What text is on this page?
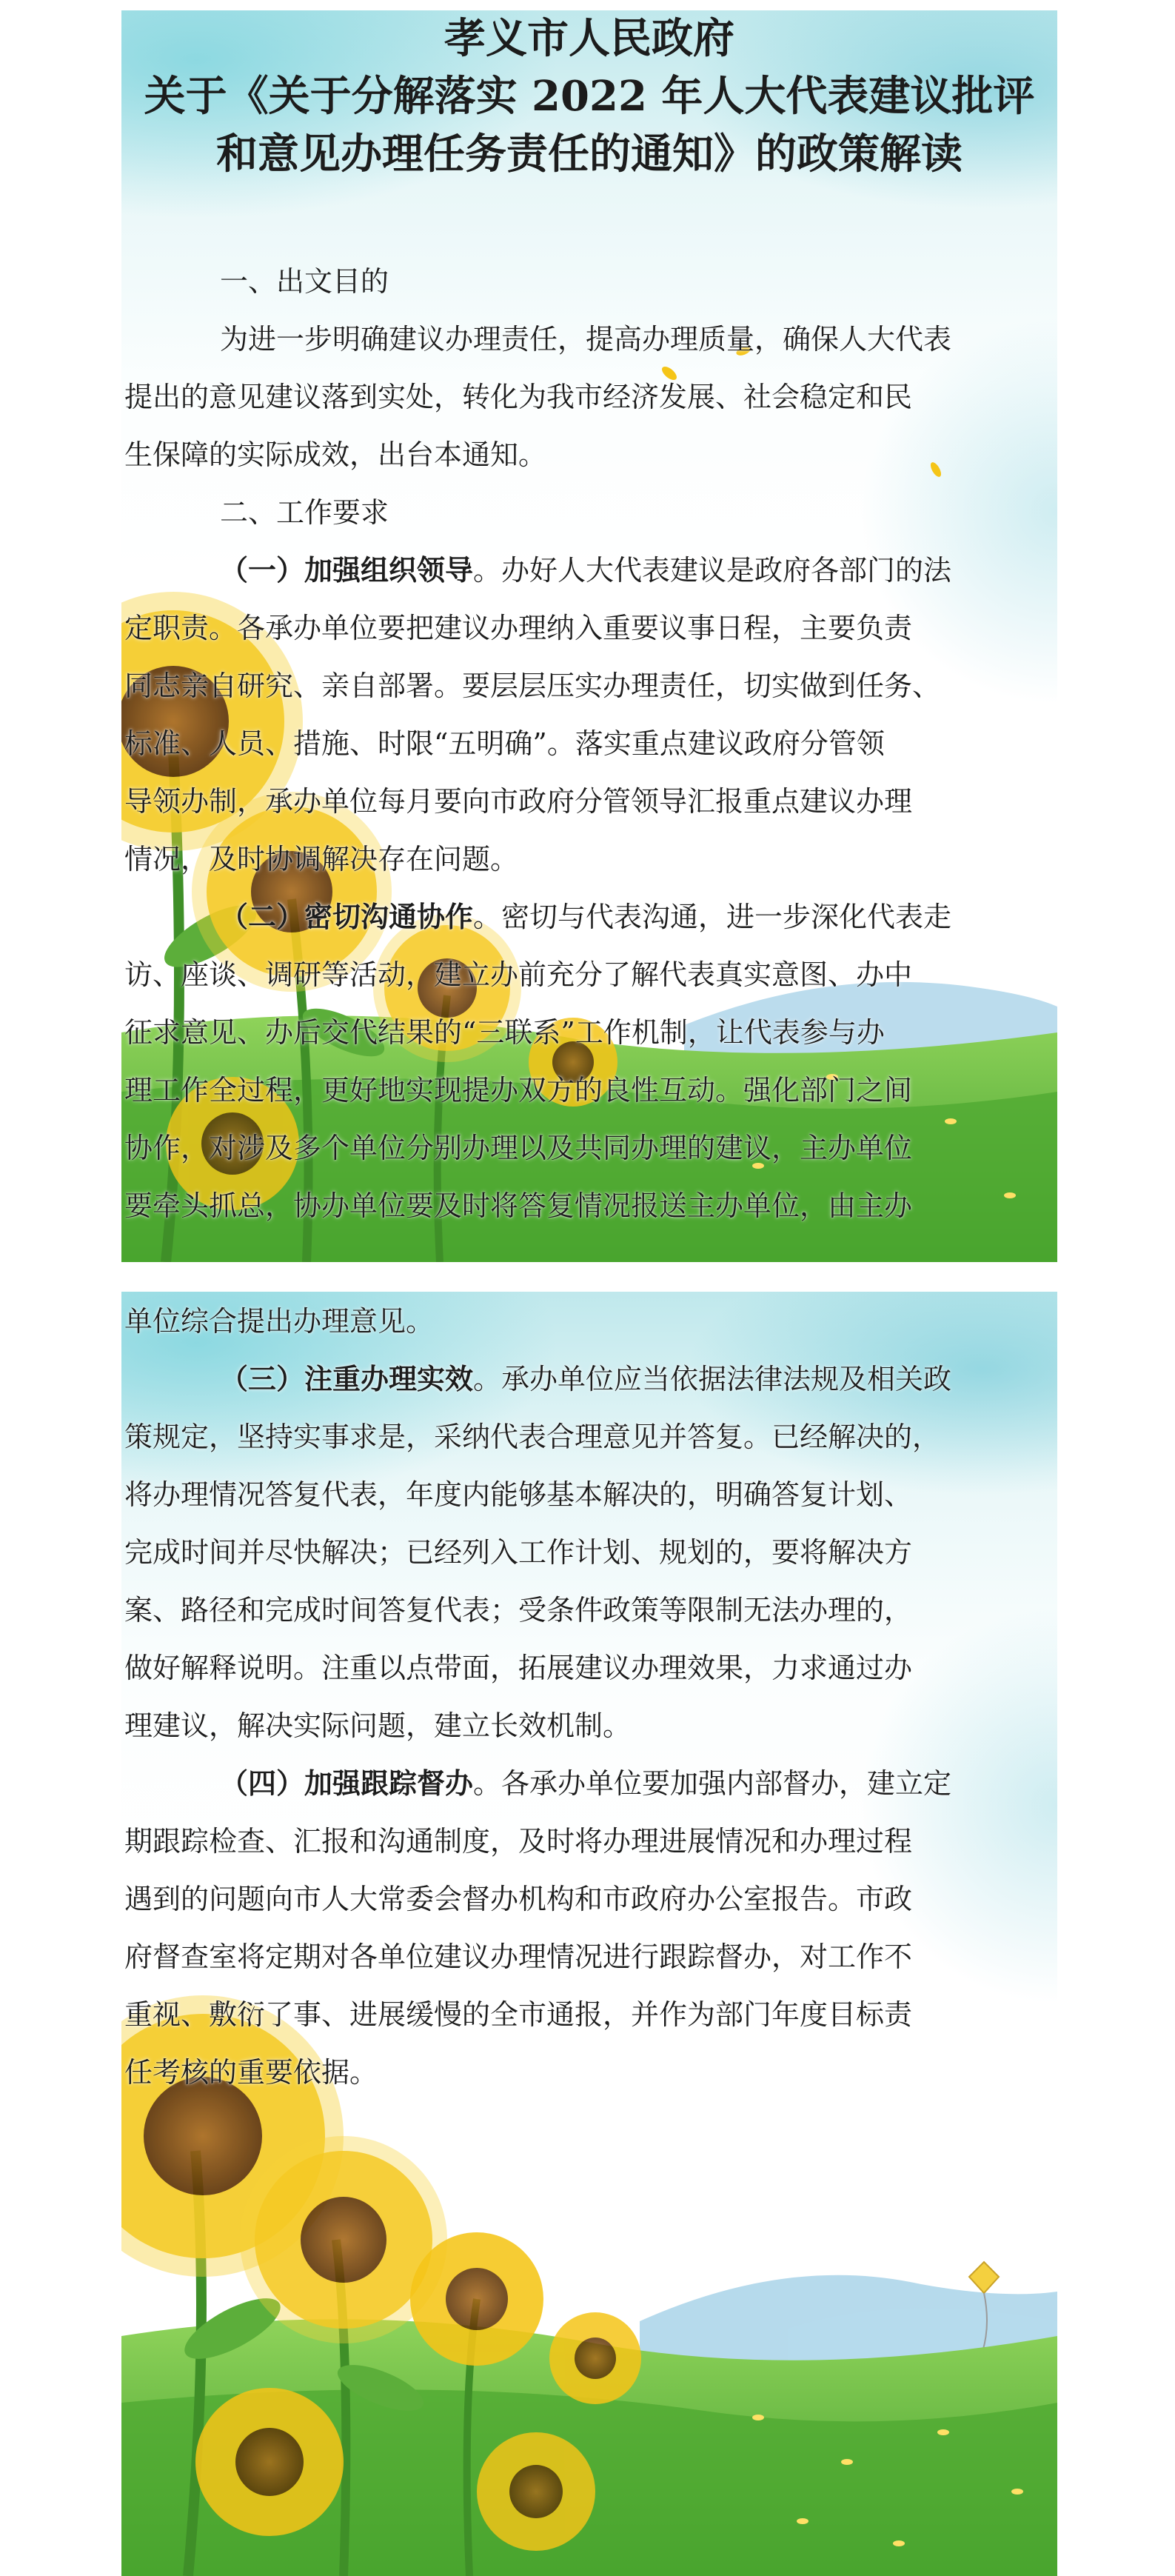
孝义市人民政府
关于《关于分解落实 2022 年人大代表建议批评
和意见办理任务责任的通知》的政策解读
一、出文目的
为进一步明确建议办理责任，提高办理质量，确保人大代表
提出的意见建议落到实处，转化为我市经济发展、社会稳定和民
生保障的实际成效，出台本通知。
二、工作要求
（一）加强组织领导。办好人大代表建议是政府各部门的法
定职责。各承办单位要把建议办理纳入重要议事日程，主要负责
同志亲自研究、亲自部署。要层层压实办理责任，切实做到任务、
标准、人员、措施、时限“五明确”。落实重点建议政府分管领
导领办制，承办单位每月要向市政府分管领导汇报重点建议办理
情况，及时协调解决存在问题。
（二）密切沟通协作。密切与代表沟通，进一步深化代表走
访、座谈、调研等活动，建立办前充分了解代表真实意图、办中
征求意见、办后交代结果的“三联系”工作机制，让代表参与办
理工作全过程，更好地实现提办双方的良性互动。强化部门之间
协作，对涉及多个单位分别办理以及共同办理的建议，主办单位
要牵头抓总，协办单位要及时将答复情况报送主办单位，由主办
单位综合提出办理意见。
（三）注重办理实效。承办单位应当依据法律法规及相关政
策规定，坚持实事求是，采纳代表合理意见并答复。已经解决的，
将办理情况答复代表，年度内能够基本解决的，明确答复计划、
完成时间并尽快解决；已经列入工作计划、规划的，要将解决方
案、路径和完成时间答复代表；受条件政策等限制无法办理的，
做好解释说明。注重以点带面，拓展建议办理效果，力求通过办
理建议，解决实际问题，建立长效机制。
（四）加强跟踪督办。各承办单位要加强内部督办，建立定
期跟踪检查、汇报和沟通制度，及时将办理进展情况和办理过程
遇到的问题向市人大常委会督办机构和市政府办公室报告。市政
府督查室将定期对各单位建议办理情况进行跟踪督办，对工作不
重视、敷衍了事、进展缓慢的全市通报，并作为部门年度目标责
任考核的重要依据。
